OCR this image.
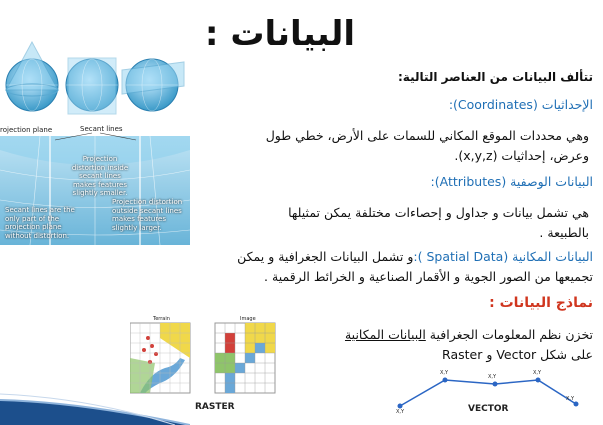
البيانات :
تتألف البيانات من العناصر التالية:
الإحداثيات (Coordinates):
وهي محددات الموقع المكاني للسمات على الأرض، خطي طول
وعرض، إحداثيات (x,y,z).
البيانات الوصفية (Attributes):
هي تشمل بيانات و جداول و إحصاءات مختلفة يمكن تمثيلها
بالطبيعة .
البيانات المكانية (Spatial Data ):و تشمل البيانات الجغرافية و يمكن
تجميعها من الصور الجوية و الأقمار الصناعية و الخرائط الرقمية .
نماذج البيانات :
تخزن نظم المعلومات الجغرافية البيانات المكانية
على شكل Vector و Raster
rojection plane	Secant lines
Projection distortion inside secant lines makes features slightly smaller.
Secant lines are the only part of the projection plane without distortion.
Projection distortion outside secant lines makes features slightly larger.
Terrain	Image
RASTER	X,Y
X,Y
X,Y
X,Y
X,Y
VECTOR
